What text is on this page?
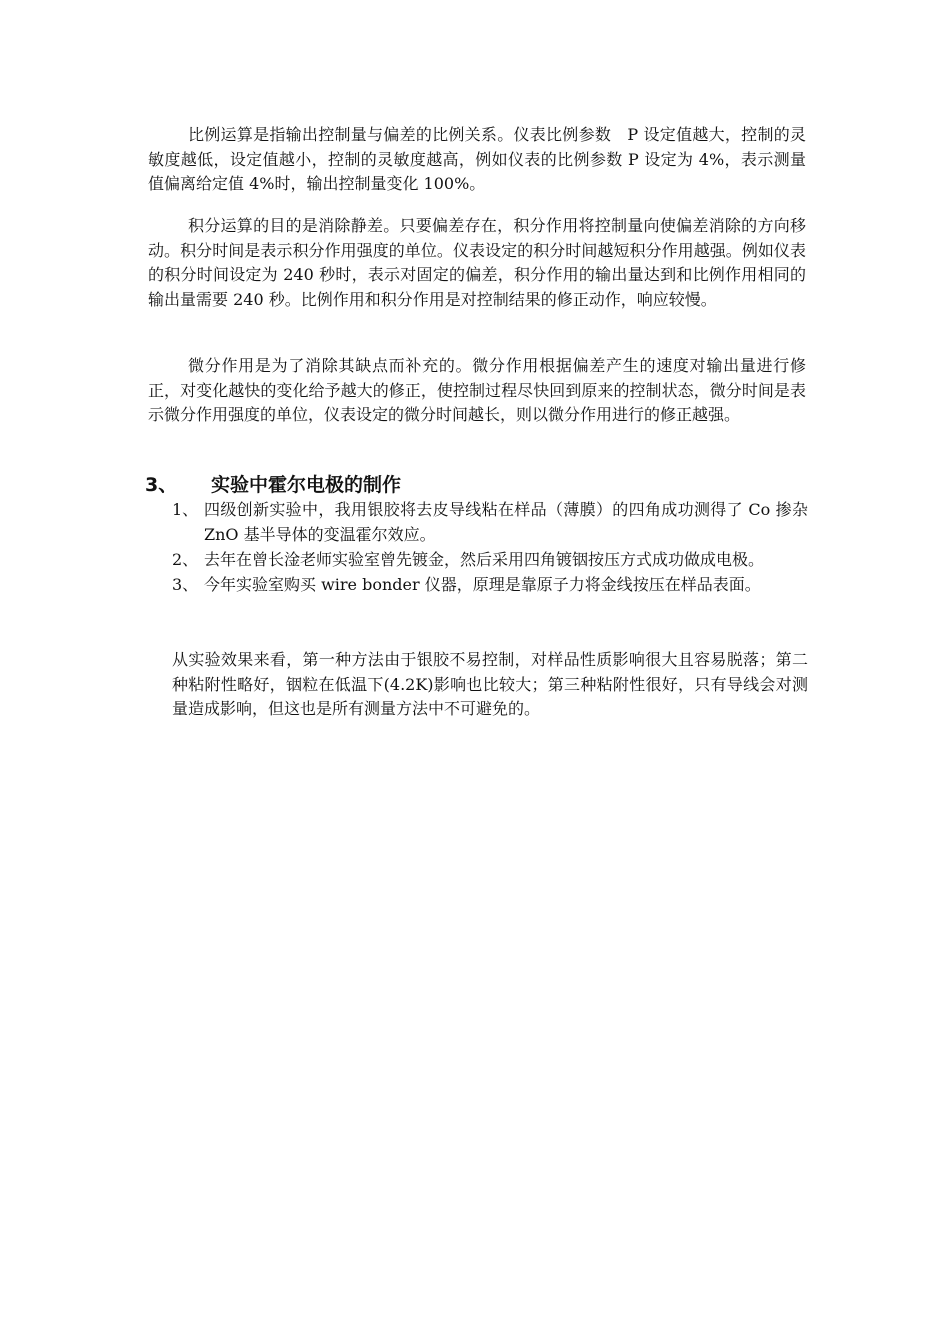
比例运算是指输出控制量与偏差的比例关系。仪表比例参数　P 设定值越大，控制的灵敏度越低，设定值越小，控制的灵敏度越高，例如仪表的比例参数 P 设定为 4%，表示测量值偏离给定值 4%时，输出控制量变化 100%。

积分运算的目的是消除静差。只要偏差存在，积分作用将控制量向使偏差消除的方向移动。积分时间是表示积分作用强度的单位。仪表设定的积分时间越短积分作用越强。例如仪表的积分时间设定为 240 秒时，表示对固定的偏差，积分作用的输出量达到和比例作用相同的输出量需要 240 秒。比例作用和积分作用是对控制结果的修正动作，响应较慢。

微分作用是为了消除其缺点而补充的。微分作用根据偏差产生的速度对输出量进行修正，对变化越快的变化给予越大的修正，使控制过程尽快回到原来的控制状态，微分时间是表示微分作用强度的单位，仪表设定的微分时间越长，则以微分作用进行的修正越强。

3、 实验中霍尔电极的制作
1、 四级创新实验中，我用银胶将去皮导线粘在样品（薄膜）的四角成功测得了 Co 掺杂 ZnO 基半导体的变温霍尔效应。
2、 去年在曾长淦老师实验室曾先镀金，然后采用四角镀铟按压方式成功做成电极。
3、 今年实验室购买 wire bonder 仪器，原理是靠原子力将金线按压在样品表面。

从实验效果来看，第一种方法由于银胶不易控制，对样品性质影响很大且容易脱落；第二种粘附性略好，铟粒在低温下(4.2K)影响也比较大；第三种粘附性很好，只有导线会对测量造成影响，但这也是所有测量方法中不可避免的。
